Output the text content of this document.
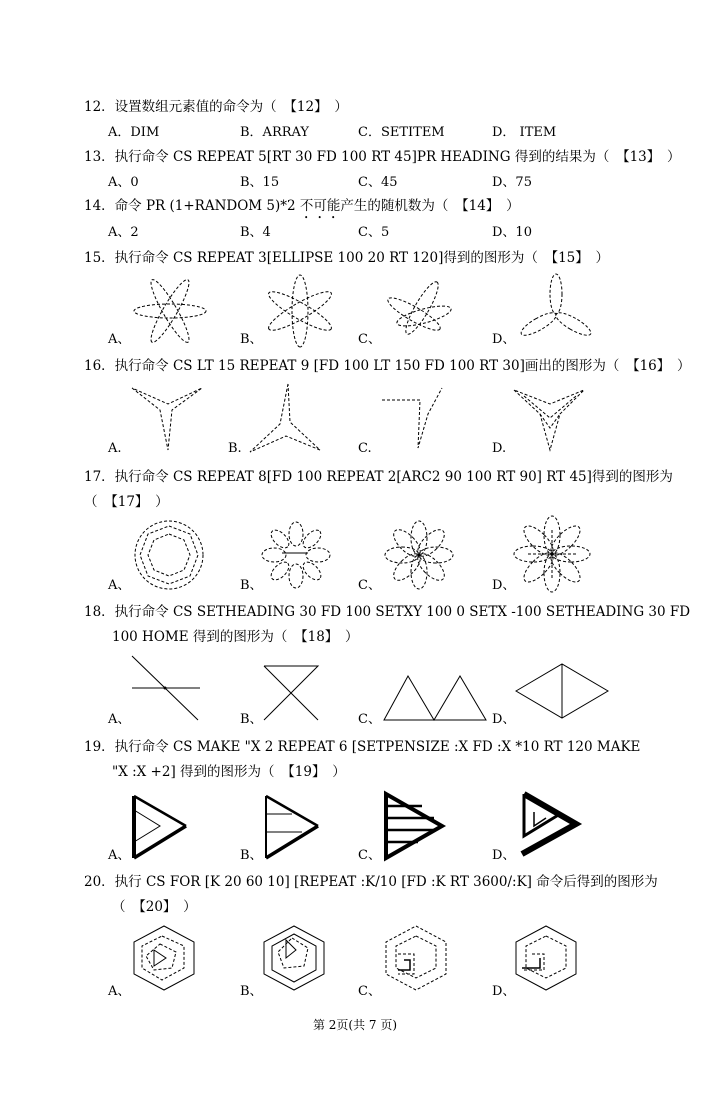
12．设置数组元素值的命令为（　【12】　）
A．DIM	B．ARRAY	C．SETITEM	D． ITEM
13．执行命令 CS REPEAT 5[RT 30 FD 100 RT 45]PR HEADING 得到的结果为（　【13】　）
A、0	B、15	C、45	D、75
14．命令 PR (1+RANDOM 5)*2 不可能产生的随机数为（　【14】　）
A、2	B、4	C、5	D、10
15．执行命令 CS REPEAT 3[ELLIPSE 100 20 RT 120]得到的图形为（　【15】　）
A、	B、	C、	D、
16．执行命令 CS LT 15 REPEAT 9 [FD 100 LT 150 FD 100 RT 30]画出的图形为（　【16】　）
A.	B.	C.	D.
17．执行命令 CS REPEAT 8[FD 100 REPEAT 2[ARC2 90 100 RT 90] RT 45]得到的图形为
（　【17】　）
A、	B、	C、	D、
18．执行命令 CS SETHEADING 30 FD 100 SETXY 100 0 SETX -100 SETHEADING 30 FD
100 HOME 得到的图形为（　【18】　）
A、	B、	C、	D、
19．执行命令 CS MAKE "X 2 REPEAT 6 [SETPENSIZE :X FD :X *10 RT 120 MAKE
"X :X +2] 得到的图形为（　【19】　）
A、	B、	C、	D、
20．执行 CS FOR [K 20 60 10] [REPEAT :K/10 [FD :K RT 3600/:K] 命令后得到的图形为
（　【20】　）
A、	B、	C、	D、
第 2页(共 7 页)
